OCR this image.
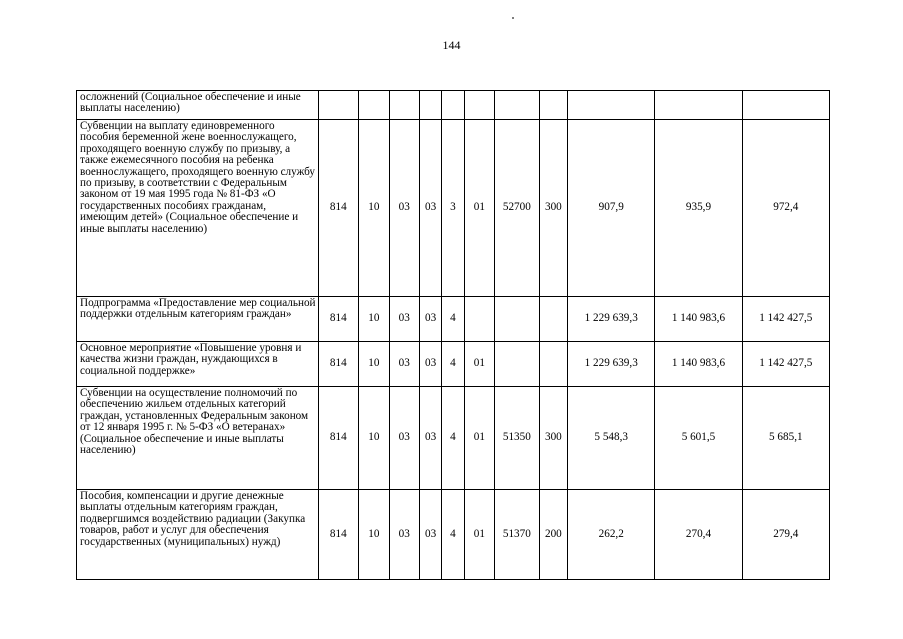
144
осложнений (Социальное обеспечение и иные выплаты населению)											
Субвенции на выплату единовременного пособия беременной жене военнослужащего, проходящего военную службу по призыву, а также ежемесячного пособия на ребенка военнослужащего, проходящего военную службу по призыву, в соответствии с Федеральным законом от 19 мая 1995 года № 81-ФЗ «О государственных пособиях гражданам, имеющим детей» (Социальное обеспечение и иные выплаты населению)	814	10	03	03	3	01	52700	300	907,9	935,9	972,4
Подпрограмма «Предоставление мер социальной поддержки отдельным категориям граждан»	814	10	03	03	4				1 229 639,3	1 140 983,6	1 142 427,5
Основное мероприятие «Повышение уровня и качества жизни граждан, нуждающихся в социальной поддержке»	814	10	03	03	4	01			1 229 639,3	1 140 983,6	1 142 427,5
Субвенции на осуществление полномочий по обеспечению жильем отдельных категорий граждан, установленных Федеральным законом от 12 января 1995 г. № 5-ФЗ «О ветеранах» (Социальное обеспечение и иные выплаты населению)	814	10	03	03	4	01	51350	300	5 548,3	5 601,5	5 685,1
Пособия, компенсации и другие денежные выплаты отдельным категориям граждан, подвергшимся воздействию радиации (Закупка товаров, работ и услуг для обеспечения государственных (муниципальных) нужд)	814	10	03	03	4	01	51370	200	262,2	270,4	279,4
